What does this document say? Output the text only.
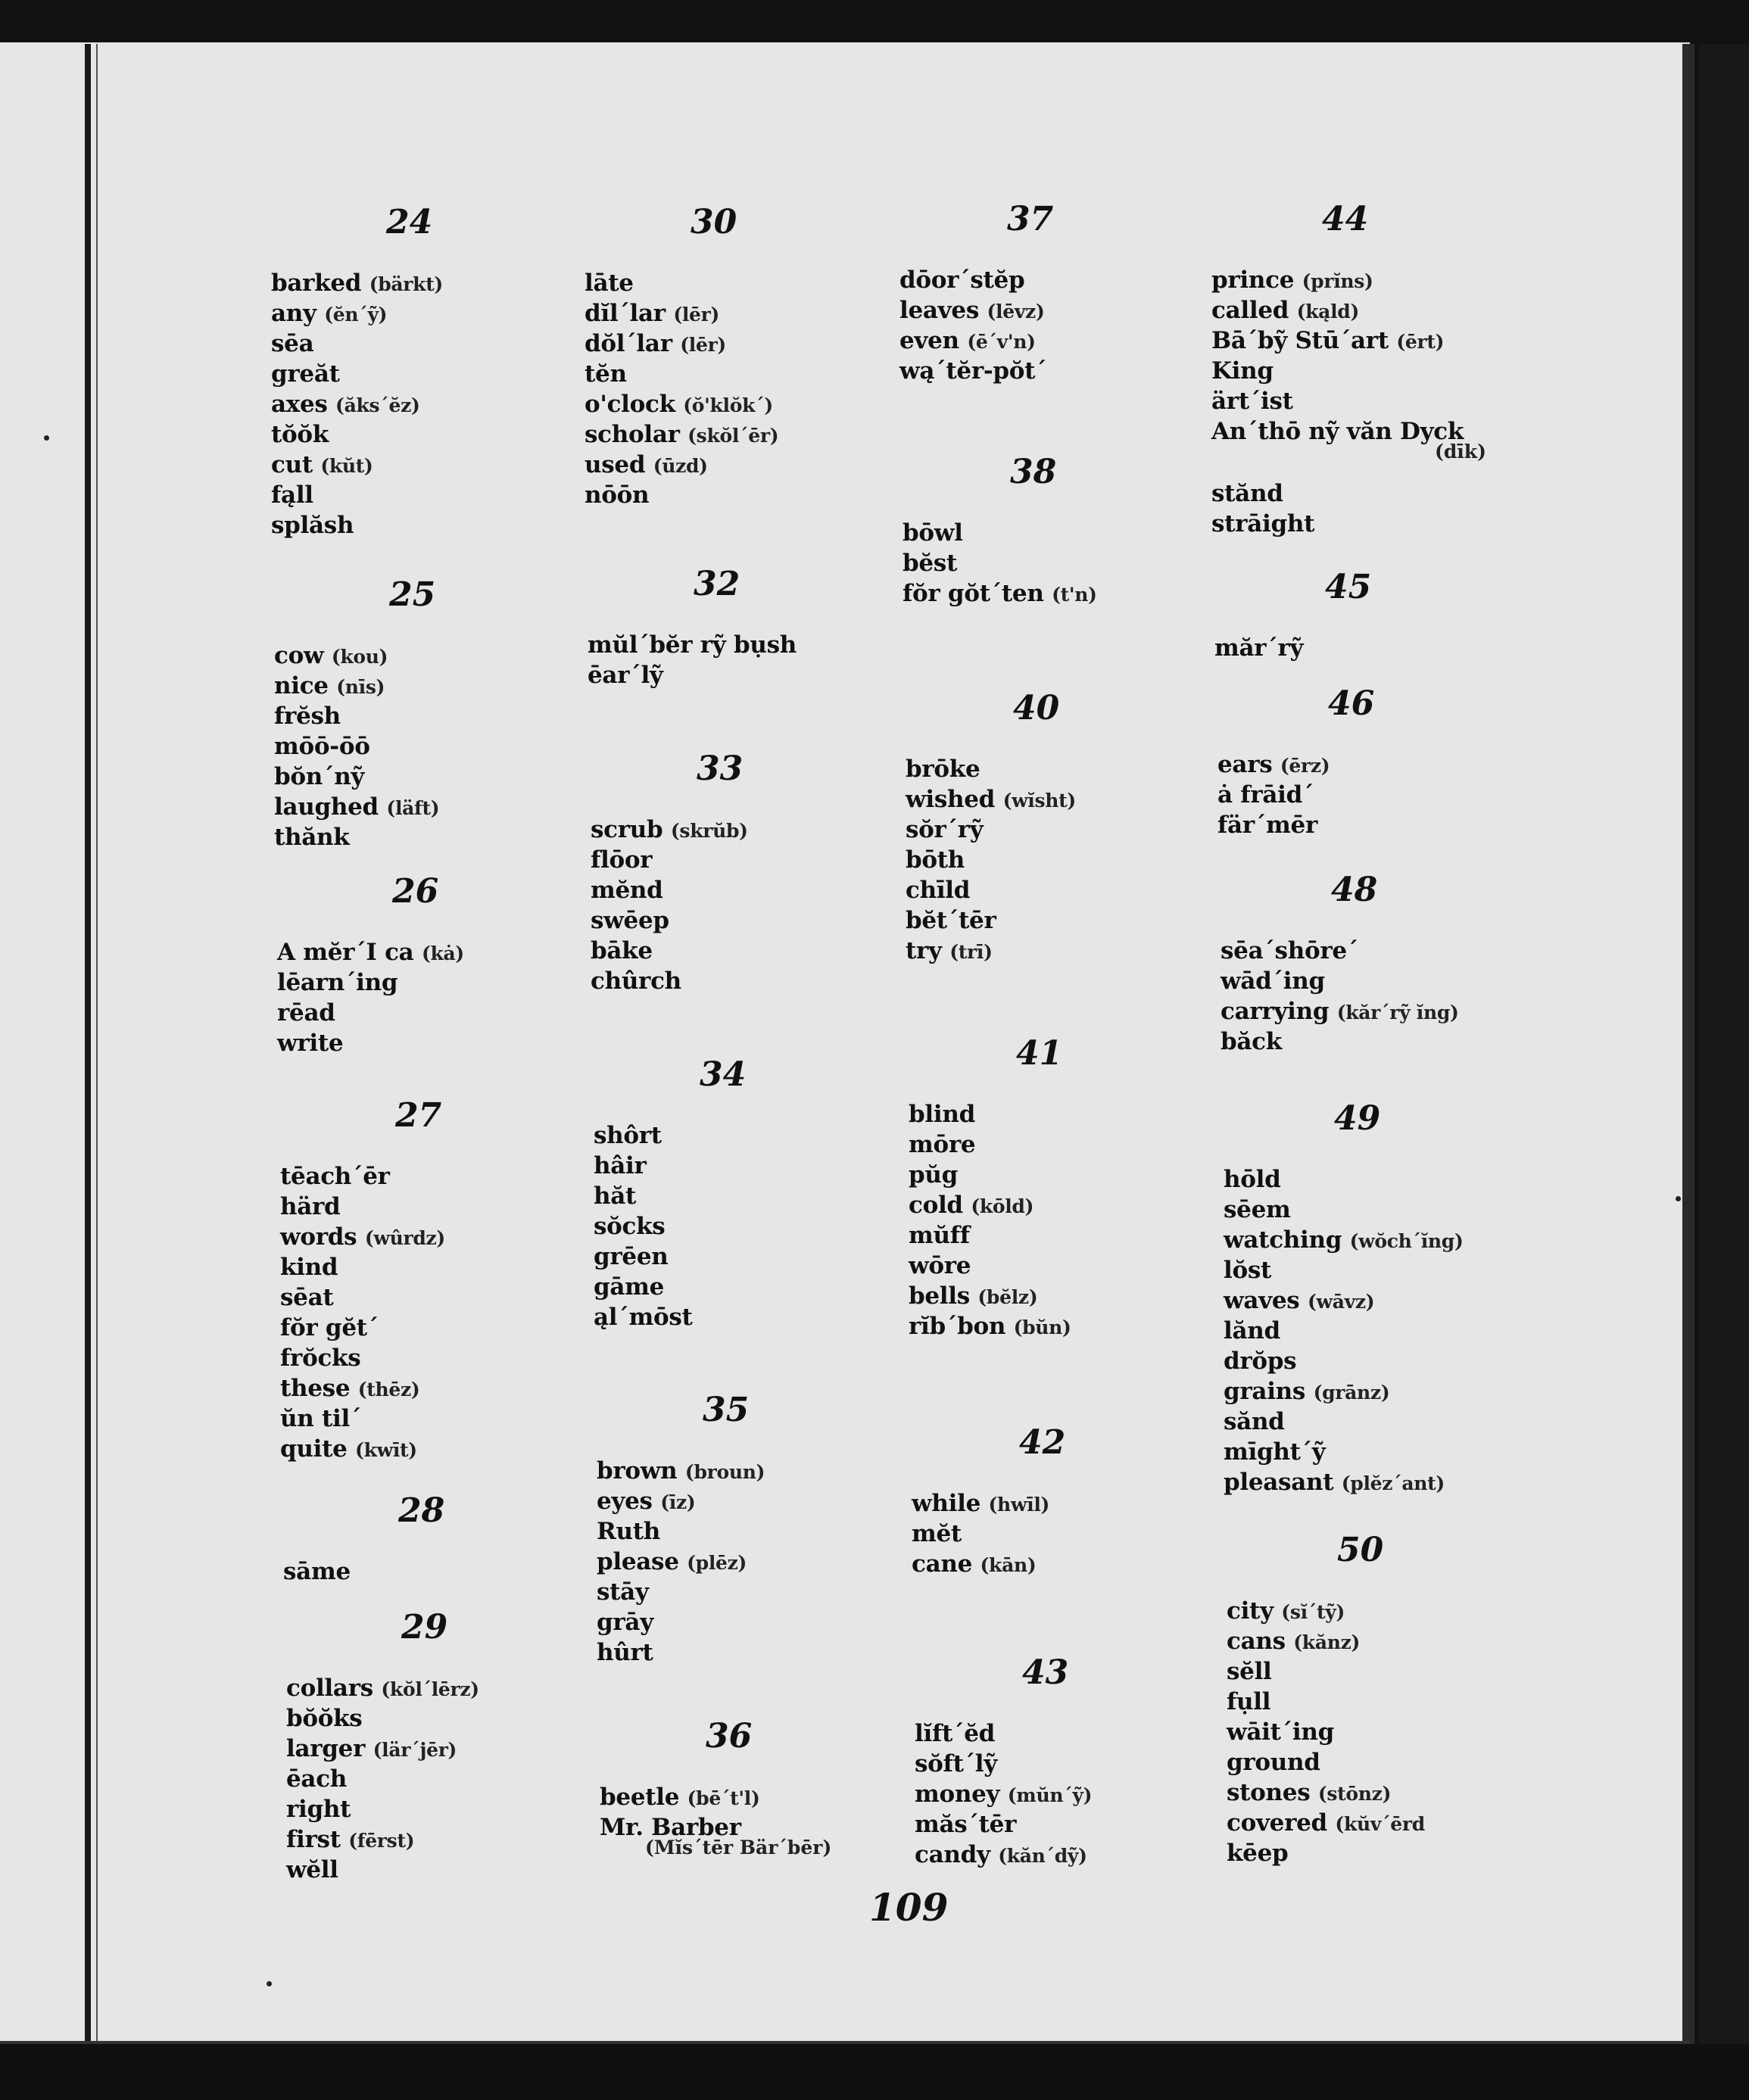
24
barked (bärkt)
any (ĕn´ỹ)
sēa
greăt
axes (ăks´ĕz)
tŏŏk
cut (kŭt)
fąll
splăsh
25
cow (kou)
nice (nīs)
frĕsh
mōō-ōō
bŏn´nỹ
laughed (läft)
thănk
26
A mĕr´I ca (kȧ)
lēarn´ing
rēad
write
27
tēach´ēr
härd
words (wûrdz)
kind
sēat
fŏr gĕt´
frŏcks
these (thēz)
ŭn til´
quite (kwīt)
28
sāme
29
collars (kŏl´lērz)
bŏŏks
larger (lär´jēr)
ēach
right
first (fērst)
wĕll
30
lāte
dĭl´lar (lēr)
dŏl´lar (lēr)
tĕn
o'clock (ŏ'klŏk´)
scholar (skŏl´ēr)
used (ūzd)
nōōn
32
mŭl´bĕr rỹ bụsh
ēar´lỹ
33
scrub (skrŭb)
flōor
mĕnd
swēep
bāke
chûrch
34
shôrt
hâir
hăt
sŏcks
grēen
gāme
ąl´mōst
35
brown (broun)
eyes (īz)
Ruth
please (plēz)
stāy
grāy
hûrt
36
beetle (bē´t'l)
Mr. Barber
(Mĭs´tēr Bär´bēr)
37
dōor´stĕp
leaves (lēvz)
even (ē´v'n)
wą´tĕr-pŏt´
38
bōwl
bĕst
fŏr gŏt´ten (t'n)
40
brōke
wished (wĭsht)
sŏr´rỹ
bōth
chīld
bĕt´tēr
try (trī)
41
blind
mōre
pŭg
cold (kōld)
mŭff
wōre
bells (bĕlz)
rĭb´bon (bŭn)
42
while (hwīl)
mĕt
cane (kān)
43
lĭft´ĕd
sŏft´lỹ
money (mŭn´ỹ)
măs´tēr
candy (kăn´dỹ)
44
prince (prĭns)
called (kąld)
Bā´bỹ Stū´art (ērt)
King
ärt´ist
An´thō nỹ văn Dyck
(dīk)
stănd
strāight
45
măr´rỹ
46
ears (ērz)
ȧ frāid´
fär´mēr
48
sēa´shōre´
wād´ing
carrying (kăr´rỹ ĭng)
băck
49
hōld
sēem
watching (wŏch´ĭng)
lŏst
waves (wāvz)
lănd
drŏps
grains (grānz)
sănd
mīght´ỹ
pleasant (plĕz´ant)
50
city (sĭ´tỹ)
cans (kănz)
sĕll
fụll
wāit´ing
ground
stones (stōnz)
covered (kŭv´ērd
kēep
109
